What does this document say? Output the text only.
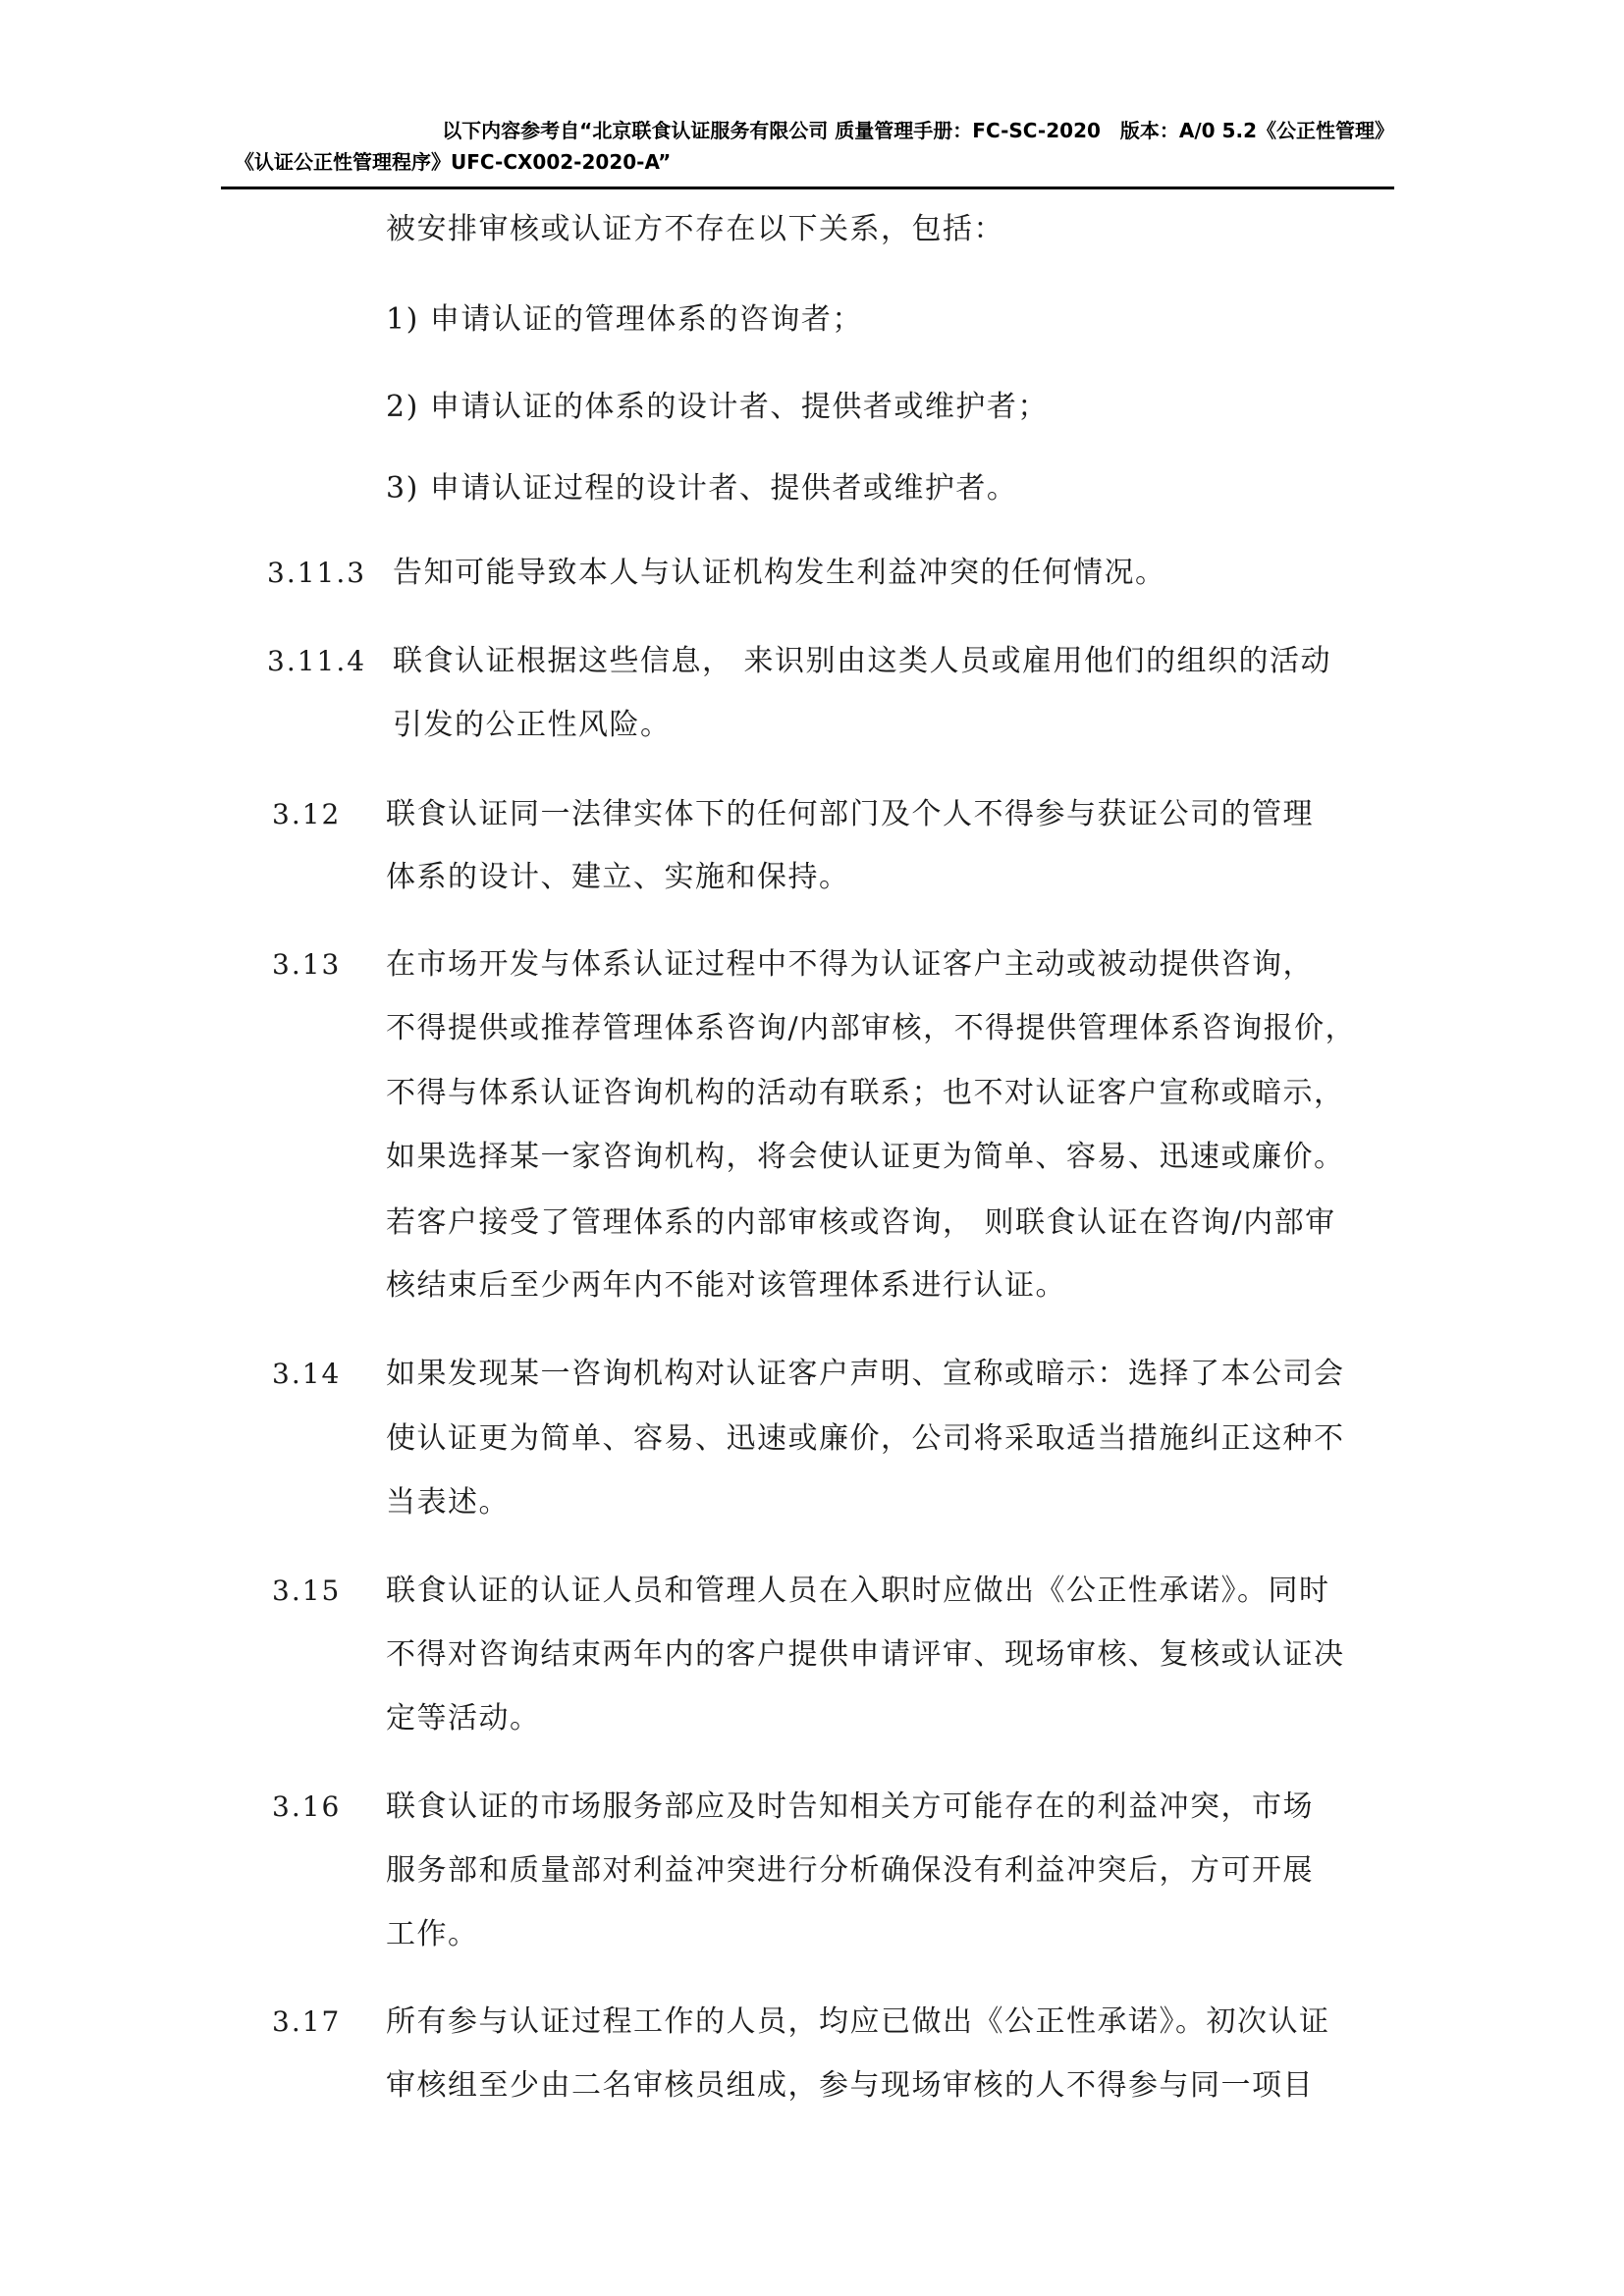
以下内容参考自“北京联食认证服务有限公司 质量管理手册：FC-SC-2020　版本：A/0 5.2《公正性管理》
《认证公正性管理程序》UFC-CX002-2020-A”
被安排审核或认证方不存在以下关系，包括：
1) 申请认证的管理体系的咨询者；
2) 申请认证的体系的设计者、提供者或维护者；
3) 申请认证过程的设计者、提供者或维护者。
3.11.3 告知可能导致本人与认证机构发生利益冲突的任何情况。
3.11.4 联食认证根据这些信息， 来识别由这类人员或雇用他们的组织的活动
引发的公正性风险。
3.12 联食认证同一法律实体下的任何部门及个人不得参与获证公司的管理
体系的设计、建立、实施和保持。
3.13 在市场开发与体系认证过程中不得为认证客户主动或被动提供咨询，
不得提供或推荐管理体系咨询/内部审核，不得提供管理体系咨询报价，
不得与体系认证咨询机构的活动有联系；也不对认证客户宣称或暗示，
如果选择某一家咨询机构，将会使认证更为简单、容易、迅速或廉价。
若客户接受了管理体系的内部审核或咨询， 则联食认证在咨询/内部审
核结束后至少两年内不能对该管理体系进行认证。
3.14 如果发现某一咨询机构对认证客户声明、宣称或暗示：选择了本公司会
使认证更为简单、容易、迅速或廉价，公司将采取适当措施纠正这种不
当表述。
3.15 联食认证的认证人员和管理人员在入职时应做出《公正性承诺》。同时
不得对咨询结束两年内的客户提供申请评审、现场审核、复核或认证决
定等活动。
3.16 联食认证的市场服务部应及时告知相关方可能存在的利益冲突，市场
服务部和质量部对利益冲突进行分析确保没有利益冲突后，方可开展
工作。
3.17 所有参与认证过程工作的人员，均应已做出《公正性承诺》。初次认证
审核组至少由二名审核员组成，参与现场审核的人不得参与同一项目
